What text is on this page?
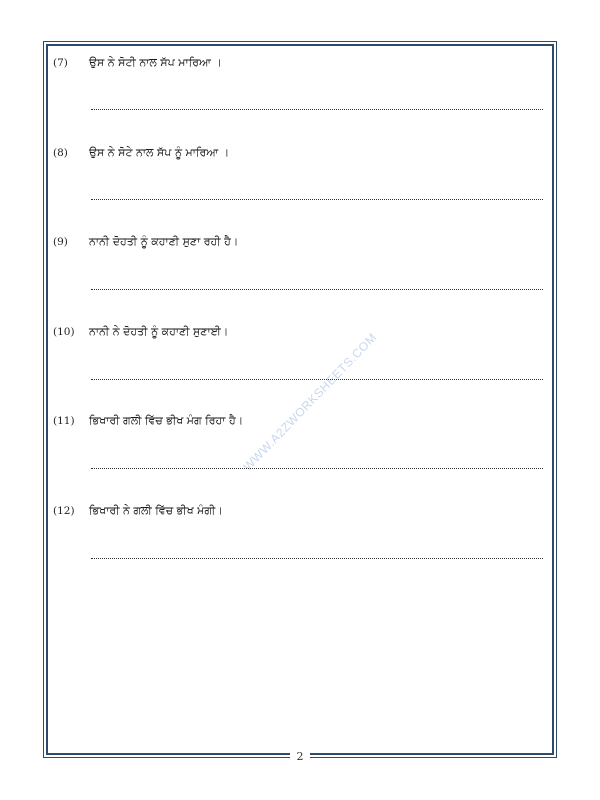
WWW.A2ZWORKSHEETS.COM
(7) ਉਸ ਨੇ ਸੋਟੀ ਨਾਲ ਸੱਪ ਮਾਰਿਆ ।
(8) ਉਸ ਨੇ ਸੋਟੇ ਨਾਲ ਸੱਪ ਨੂੰ ਮਾਰਿਆ ।
(9) ਨਾਨੀ ਦੋਹਤੀ ਨੂੰ ਕਹਾਣੀ ਸੁਣਾ ਰਹੀ ਹੈ।
(10) ਨਾਨੀ ਨੇ ਦੋਹਤੀ ਨੂੰ ਕਹਾਣੀ ਸੁਣਾਈ।
(11) ਭਿਖਾਰੀ ਗਲੀ ਵਿੱਚ ਭੀਖ ਮੰਗ ਰਿਹਾ ਹੈ।
(12) ਭਿਖਾਰੀ ਨੇ ਗਲੀ ਵਿੱਚ ਭੀਖ ਮੰਗੀ।
2
